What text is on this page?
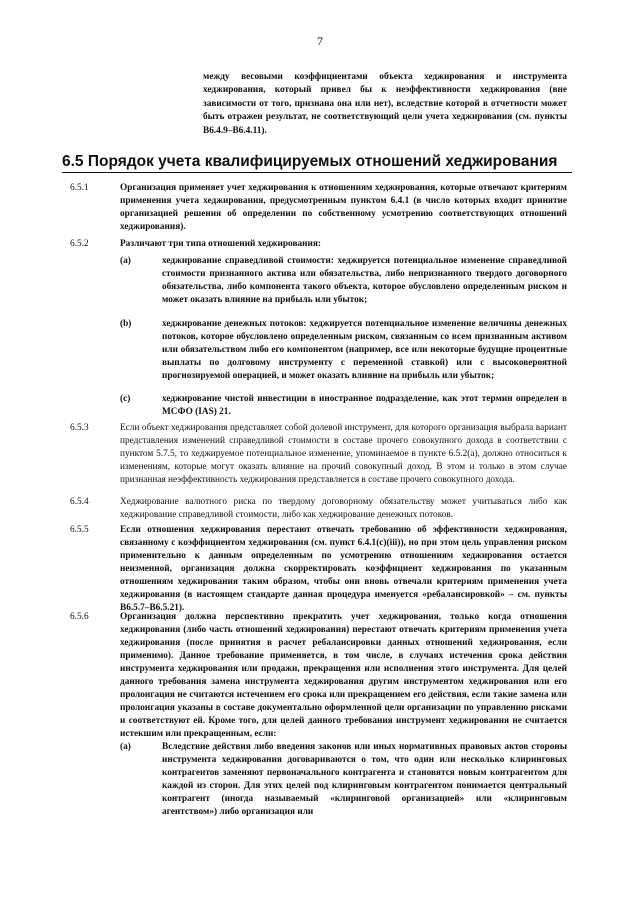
7
между весовыми коэффициентами объекта хеджирования и инструмента хеджирования, который привел бы к неэффективности хеджирования (вне зависимости от того, признана она или нет), вследствие которой в отчетности может быть отражен результат, не соответствующий цели учета хеджирования (см. пункты В6.4.9–В6.4.11).
6.5 Порядок учета квалифицируемых отношений хеджирования
6.5.1	Организация применяет учет хеджирования к отношениям хеджирования, которые отвечают критериям применения учета хеджирования, предусмотренным пунктом 6.4.1 (в число которых входит принятие организацией решения об определении по собственному усмотрению соответствующих отношений хеджирования).
6.5.2	Различают три типа отношений хеджирования:
(a)	хеджирование справедливой стоимости: хеджируется потенциальное изменение справедливой стоимости признанного актива или обязательства, либо непризнанного твердого договорного обязательства, либо компонента такого объекта, которое обусловлено определенным риском и может оказать влияние на прибыль или убыток;
(b)	хеджирование денежных потоков: хеджируется потенциальное изменение величины денежных потоков, которое обусловлено определенным риском, связанным со всем признанным активом или обязательством либо его компонентом (например, все или некоторые будущие процентные выплаты по долговому инструменту с переменной ставкой) или с высоковероятной прогнозируемой операцией, и может оказать влияние на прибыль или убыток;
(c)	хеджирование чистой инвестиции в иностранное подразделение, как этот термин определен в МСФО (IAS) 21.
6.5.3	Если объект хеджирования представляет собой долевой инструмент, для которого организация выбрала вариант представления изменений справедливой стоимости в составе прочего совокупного дохода в соответствии с пунктом 5.7.5, то хеджируемое потенциальное изменение, упоминаемое в пункте 6.5.2(a), должно относиться к изменениям, которые могут оказать влияние на прочий совокупный доход. В этом и только в этом случае признанная неэффективность хеджирования представляется в составе прочего совокупного дохода.
6.5.4	Хеджирование валютного риска по твердому договорному обязательству может учитываться либо как хеджирование справедливой стоимости, либо как хеджирование денежных потоков.
6.5.5	Если отношения хеджирования перестают отвечать требованию об эффективности хеджирования, связанному с коэффициентом хеджирования (см. пункт 6.4.1(c)(iii)), но при этом цель управления риском применительно к данным определенным по усмотрению отношениям хеджирования остается неизменной, организация должна скорректировать коэффициент хеджирования по указанным отношениям хеджирования таким образом, чтобы они вновь отвечали критериям применения учета хеджирования (в настоящем стандарте данная процедура именуется «ребалансировкой» – см. пункты В6.5.7–В6.5.21).
6.5.6	Организация должна перспективно прекратить учет хеджирования, только когда отношения хеджирования (либо часть отношений хеджирования) перестают отвечать критериям применения учета хеджирования (после принятия в расчет ребалансировки данных отношений хеджирования, если применимо). Данное требование применяется, в том числе, в случаях истечения срока действия инструмента хеджирования или продажи, прекращения или исполнения этого инструмента. Для целей данного требования замена инструмента хеджирования другим инструментом хеджирования или его пролонгация не считаются истечением его срока или прекращением его действия, если такие замена или пролонгация указаны в составе документально оформленной цели организации по управлению рисками и соответствуют ей. Кроме того, для целей данного требования инструмент хеджирования не считается истекшим или прекращенным, если:
(a)	Вследствие действия либо введения законов или иных нормативных правовых актов стороны инструмента хеджирования договариваются о том, что один или несколько клиринговых контрагентов заменяют первоначального контрагента и становятся новым контрагентом для каждой из сторон. Для этих целей под клиринговым контрагентом понимается центральный контрагент (иногда называемый «клиринговой организацией» или «клиринговым агентством») либо организация или
